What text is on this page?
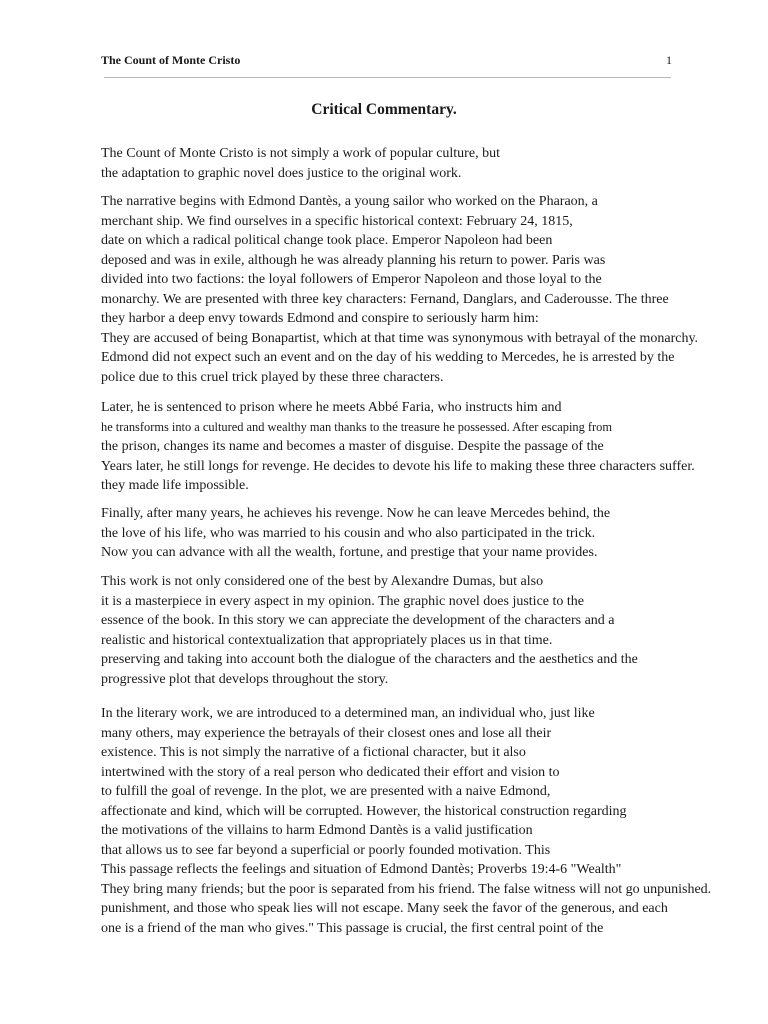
The Count of Monte Cristo	1
Critical Commentary.
The Count of Monte Cristo is not simply a work of popular culture, but
the adaptation to graphic novel does justice to the original work.
The narrative begins with Edmond Dantès, a young sailor who worked on the Pharaon, a
merchant ship. We find ourselves in a specific historical context: February 24, 1815,
date on which a radical political change took place. Emperor Napoleon had been
deposed and was in exile, although he was already planning his return to power. Paris was
divided into two factions: the loyal followers of Emperor Napoleon and those loyal to the
monarchy. We are presented with three key characters: Fernand, Danglars, and Caderousse. The three
they harbor a deep envy towards Edmond and conspire to seriously harm him:
They are accused of being Bonapartist, which at that time was synonymous with betrayal of the monarchy.
Edmond did not expect such an event and on the day of his wedding to Mercedes, he is arrested by the
police due to this cruel trick played by these three characters.
Later, he is sentenced to prison where he meets Abbé Faria, who instructs him and
he transforms into a cultured and wealthy man thanks to the treasure he possessed. After escaping from
the prison, changes its name and becomes a master of disguise. Despite the passage of the
Years later, he still longs for revenge. He decides to devote his life to making these three characters suffer.
they made life impossible.
Finally, after many years, he achieves his revenge. Now he can leave Mercedes behind, the
the love of his life, who was married to his cousin and who also participated in the trick.
Now you can advance with all the wealth, fortune, and prestige that your name provides.
This work is not only considered one of the best by Alexandre Dumas, but also
it is a masterpiece in every aspect in my opinion. The graphic novel does justice to the
essence of the book. In this story we can appreciate the development of the characters and a
realistic and historical contextualization that appropriately places us in that time.
preserving and taking into account both the dialogue of the characters and the aesthetics and the
progressive plot that develops throughout the story.
In the literary work, we are introduced to a determined man, an individual who, just like
many others, may experience the betrayals of their closest ones and lose all their
existence. This is not simply the narrative of a fictional character, but it also
intertwined with the story of a real person who dedicated their effort and vision to
to fulfill the goal of revenge. In the plot, we are presented with a naive Edmond,
affectionate and kind, which will be corrupted. However, the historical construction regarding
the motivations of the villains to harm Edmond Dantès is a valid justification
that allows us to see far beyond a superficial or poorly founded motivation. This
This passage reflects the feelings and situation of Edmond Dantès; Proverbs 19:4-6 "Wealth"
They bring many friends; but the poor is separated from his friend. The false witness will not go unpunished.
punishment, and those who speak lies will not escape. Many seek the favor of the generous, and each
one is a friend of the man who gives." This passage is crucial, the first central point of the
